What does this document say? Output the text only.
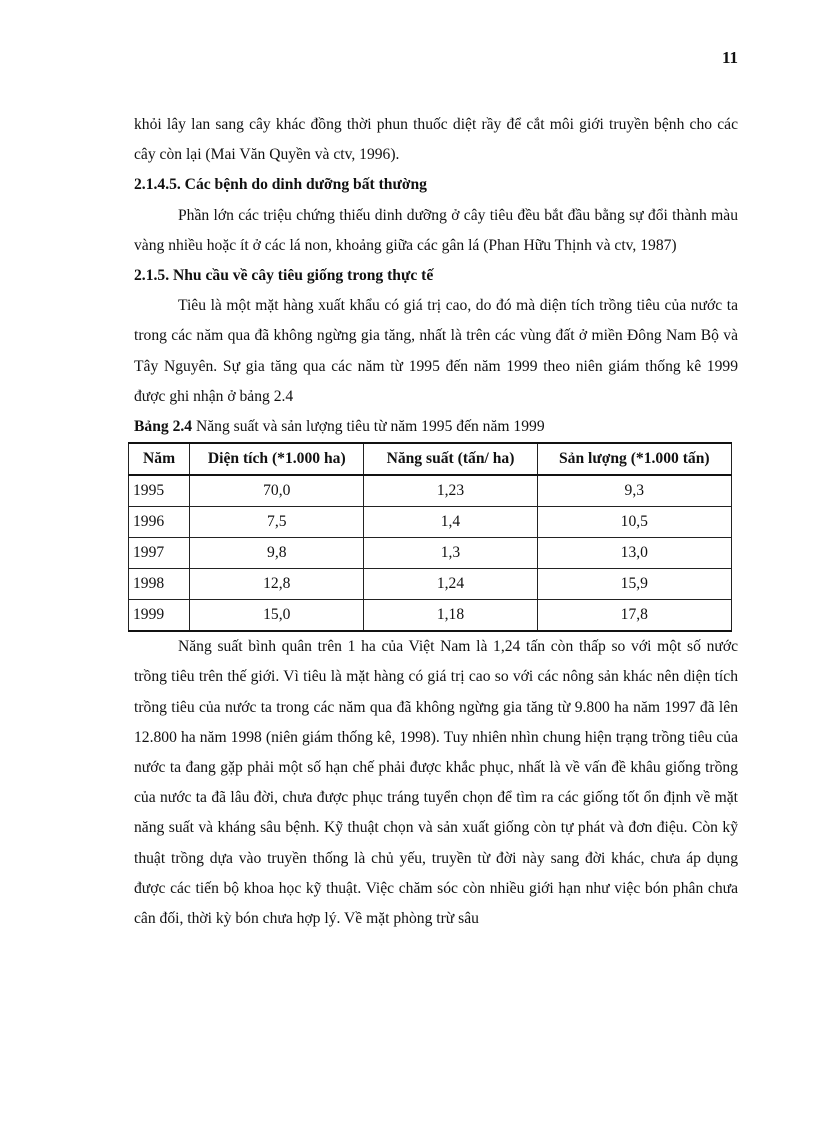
11

khỏi lây lan sang cây khác đồng thời phun thuốc diệt rầy để cắt môi giới truyền bệnh cho các cây còn lại (Mai Văn Quyền và ctv, 1996).

2.1.4.5. Các bệnh do dinh dưỡng bất thường

Phần lớn các triệu chứng thiếu dinh dưỡng ở cây tiêu đều bắt đầu bằng sự đổi thành màu vàng nhiều hoặc ít ở các lá non, khoảng giữa các gân lá (Phan Hữu Thịnh và ctv, 1987)

2.1.5. Nhu cầu về cây tiêu giống trong thực tế

Tiêu là một mặt hàng xuất khẩu có giá trị cao, do đó mà diện tích trồng tiêu của nước ta trong các năm qua đã không ngừng gia tăng, nhất là trên các vùng đất ở miền Đông Nam Bộ và Tây Nguyên. Sự gia tăng qua các năm từ 1995 đến năm 1999 theo niên giám thống kê 1999 được ghi nhận ở bảng 2.4

Bảng 2.4 Năng suất và sản lượng tiêu từ năm 1995 đến năm 1999

Năm	Diện tích (*1.000 ha)	Năng suất (tấn/ ha)	Sản lượng (*1.000 tấn)
1995	70,0	1,23	9,3
1996	7,5	1,4	10,5
1997	9,8	1,3	13,0
1998	12,8	1,24	15,9
1999	15,0	1,18	17,8

Năng suất bình quân trên 1 ha của Việt Nam là 1,24 tấn còn thấp so với một số nước trồng tiêu trên thế giới. Vì tiêu là mặt hàng có giá trị cao so với các nông sản khác nên diện tích trồng tiêu của nước ta trong các năm qua đã không ngừng gia tăng từ 9.800 ha năm 1997 đã lên 12.800 ha năm 1998 (niên giám thống kê, 1998). Tuy nhiên nhìn chung hiện trạng trồng tiêu của nước ta đang gặp phải một số hạn chế phải được khắc phục, nhất là về vấn đề khâu giống trồng của nước ta đã lâu đời, chưa được phục tráng tuyển chọn để tìm ra các giống tốt ổn định về mặt năng suất và kháng sâu bệnh. Kỹ thuật chọn và sản xuất giống còn tự phát và đơn điệu. Còn kỹ thuật trồng dựa vào truyền thống là chủ yếu, truyền từ đời này sang đời khác, chưa áp dụng được các tiến bộ khoa học kỹ thuật. Việc chăm sóc còn nhiều giới hạn như việc bón phân chưa cân đối, thời kỳ bón chưa hợp lý. Về mặt phòng trừ sâu
